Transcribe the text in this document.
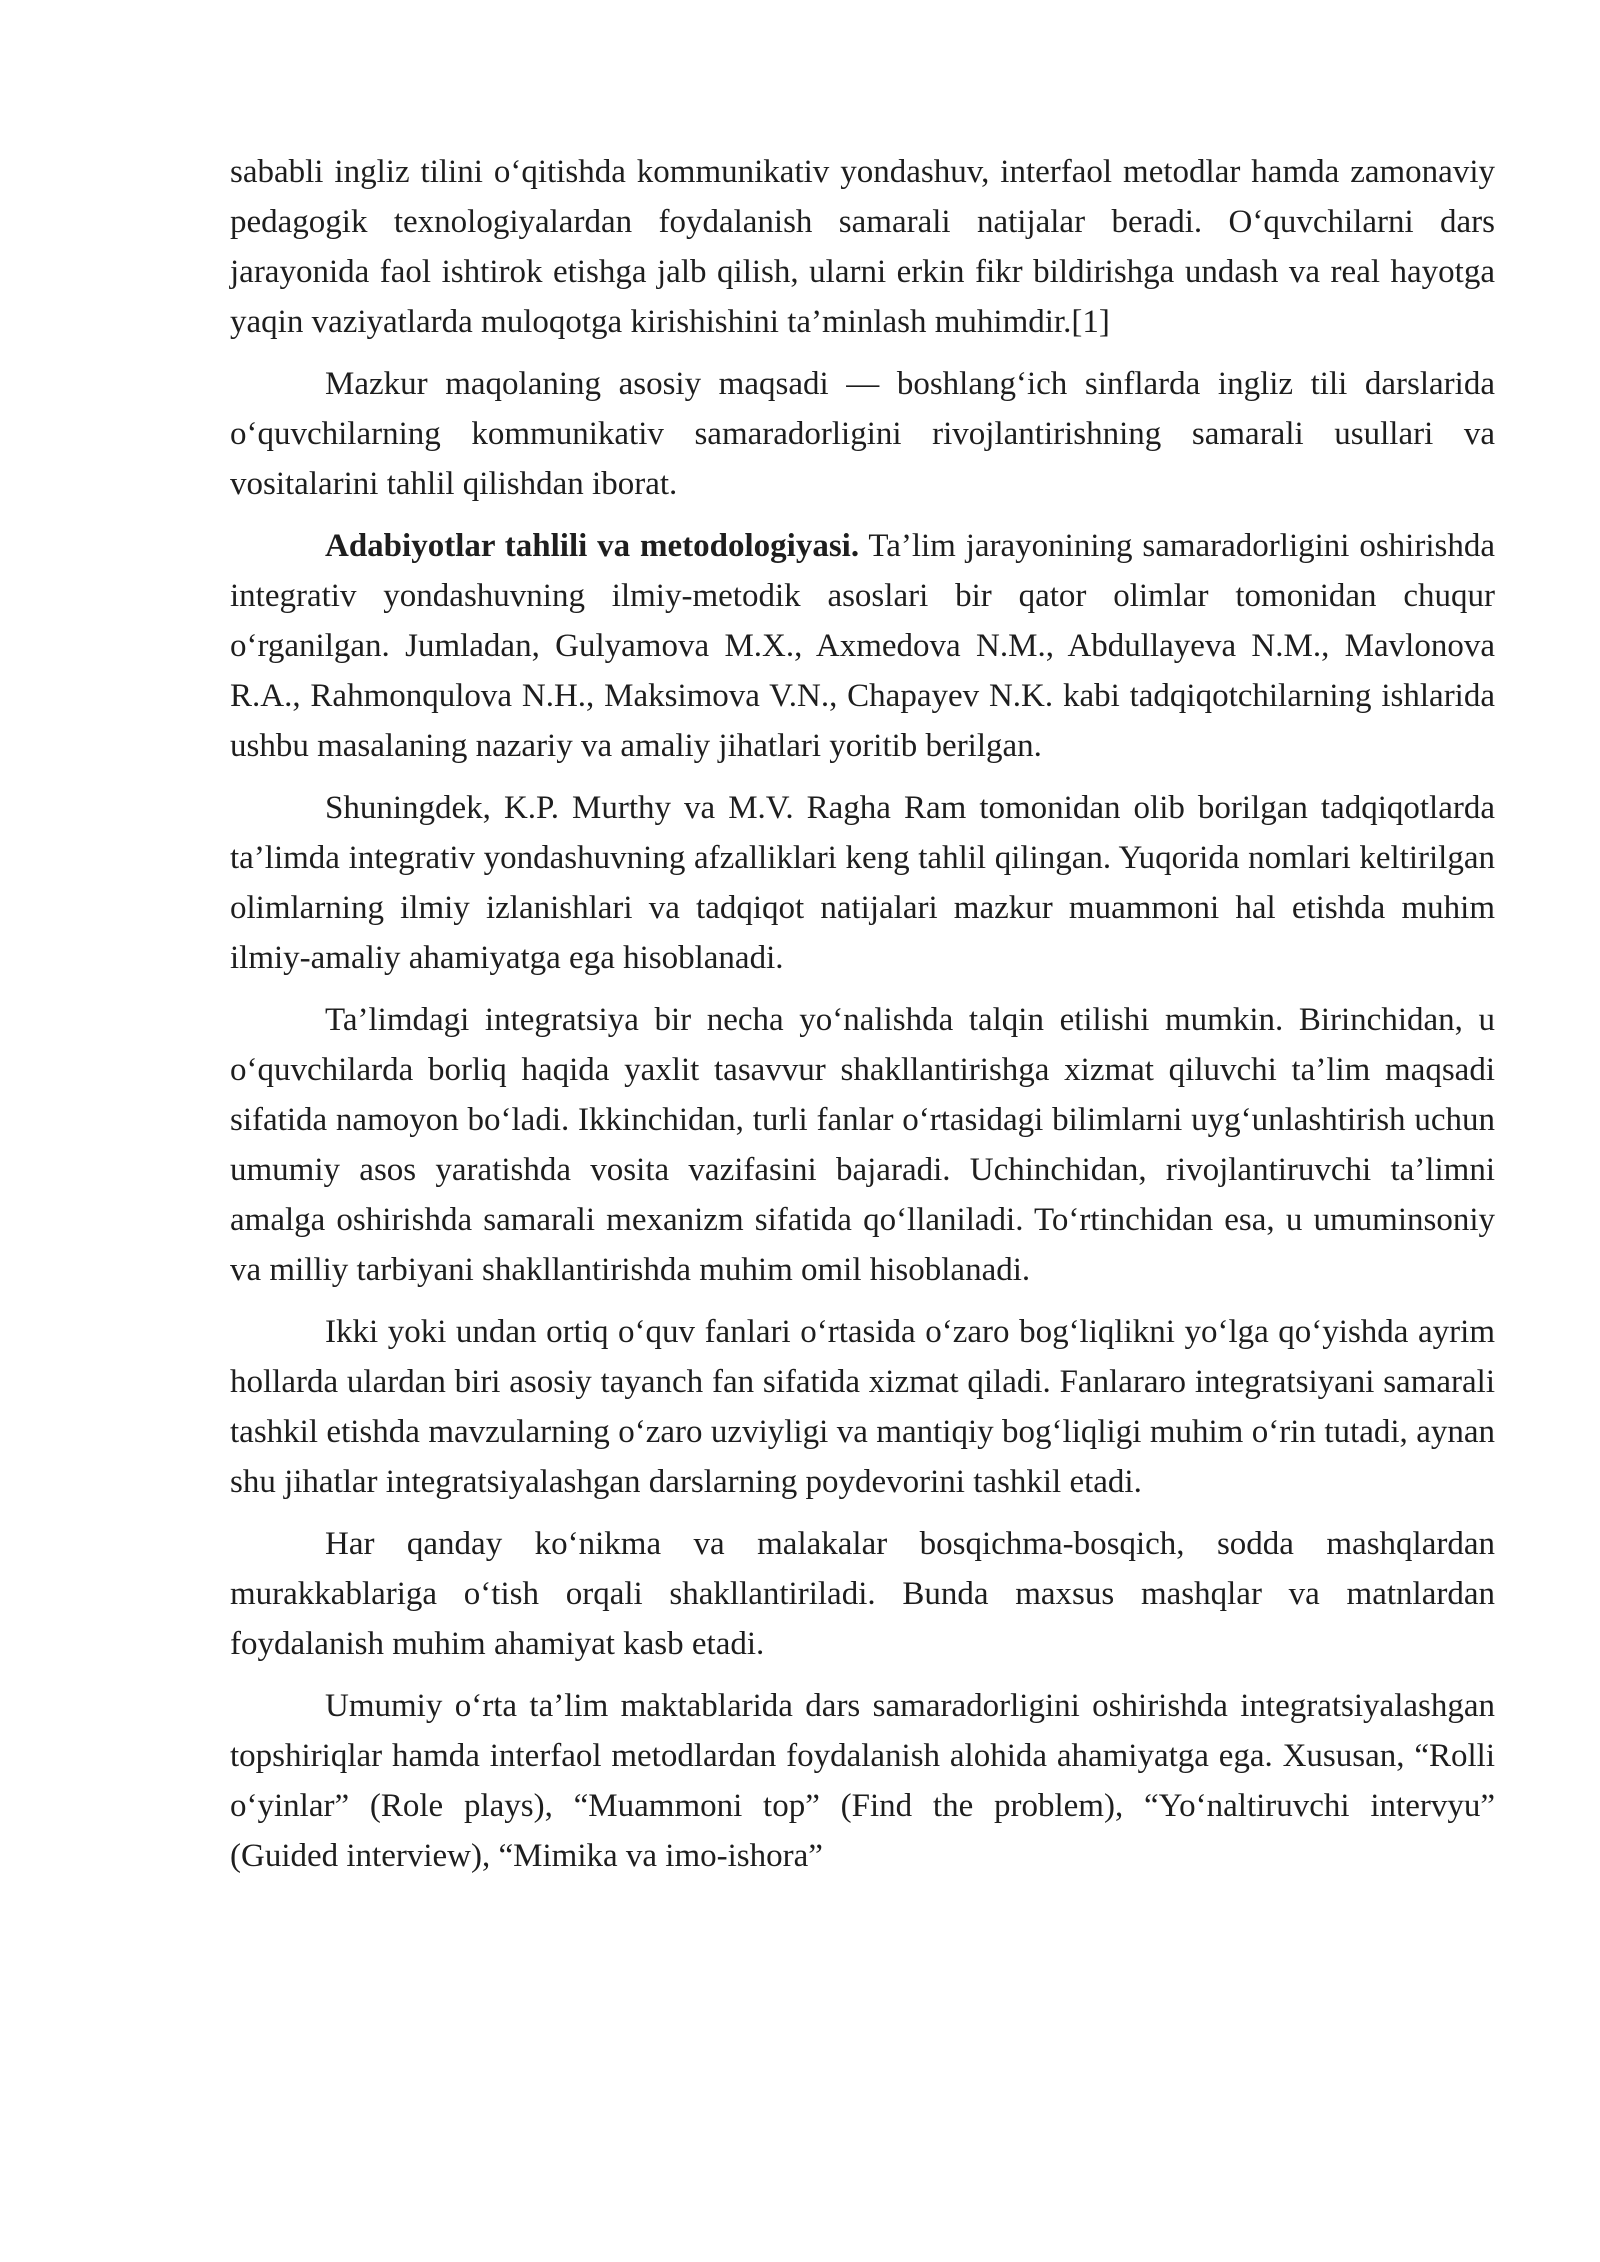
sababli ingliz tilini o‘qitishda kommunikativ yondashuv, interfaol metodlar hamda zamonaviy pedagogik texnologiyalardan foydalanish samarali natijalar beradi. O‘quvchilarni dars jarayonida faol ishtirok etishga jalb qilish, ularni erkin fikr bildirishga undash va real hayotga yaqin vaziyatlarda muloqotga kirishishini ta’minlash muhimdir.[1]

Mazkur maqolaning asosiy maqsadi — boshlang‘ich sinflarda ingliz tili darslarida o‘quvchilarning kommunikativ samaradorligini rivojlantirishning samarali usullari va vositalarini tahlil qilishdan iborat.

Adabiyotlar tahlili va metodologiyasi. Ta’lim jarayonining samaradorligini oshirishda integrativ yondashuvning ilmiy-metodik asoslari bir qator olimlar tomonidan chuqur o‘rganilgan. Jumladan, Gulyamova M.X., Axmedova N.M., Abdullayeva N.M., Mavlonova R.A., Rahmonqulova N.H., Maksimova V.N., Chapayev N.K. kabi tadqiqotchilarning ishlarida ushbu masalaning nazariy va amaliy jihatlari yoritib berilgan.

Shuningdek, K.P. Murthy va M.V. Ragha Ram tomonidan olib borilgan tadqiqotlarda ta’limda integrativ yondashuvning afzalliklari keng tahlil qilingan. Yuqorida nomlari keltirilgan olimlarning ilmiy izlanishlari va tadqiqot natijalari mazkur muammoni hal etishda muhim ilmiy-amaliy ahamiyatga ega hisoblanadi.

Ta’limdagi integratsiya bir necha yo‘nalishda talqin etilishi mumkin. Birinchidan, u o‘quvchilarda borliq haqida yaxlit tasavvur shakllantirishga xizmat qiluvchi ta’lim maqsadi sifatida namoyon bo‘ladi. Ikkinchidan, turli fanlar o‘rtasidagi bilimlarni uyg‘unlashtirish uchun umumiy asos yaratishda vosita vazifasini bajaradi. Uchinchidan, rivojlantiruvchi ta’limni amalga oshirishda samarali mexanizm sifatida qo‘llaniladi. To‘rtinchidan esa, u umuminsoniy va milliy tarbiyani shakllantirishda muhim omil hisoblanadi.

Ikki yoki undan ortiq o‘quv fanlari o‘rtasida o‘zaro bog‘liqlikni yo‘lga qo‘yishda ayrim hollarda ulardan biri asosiy tayanch fan sifatida xizmat qiladi. Fanlararo integratsiyani samarali tashkil etishda mavzularning o‘zaro uzviyligi va mantiqiy bog‘liqligi muhim o‘rin tutadi, aynan shu jihatlar integratsiyalashgan darslarning poydevorini tashkil etadi.

Har qanday ko‘nikma va malakalar bosqichma-bosqich, sodda mashqlardan murakkablariga o‘tish orqali shakllantiriladi. Bunda maxsus mashqlar va matnlardan foydalanish muhim ahamiyat kasb etadi.

Umumiy o‘rta ta’lim maktablarida dars samaradorligini oshirishda integratsiyalashgan topshiriqlar hamda interfaol metodlardan foydalanish alohida ahamiyatga ega. Xususan, “Rolli o‘yinlar” (Role plays), “Muammoni top” (Find the problem), “Yo‘naltiruvchi intervyu” (Guided interview), “Mimika va imo-ishora”
